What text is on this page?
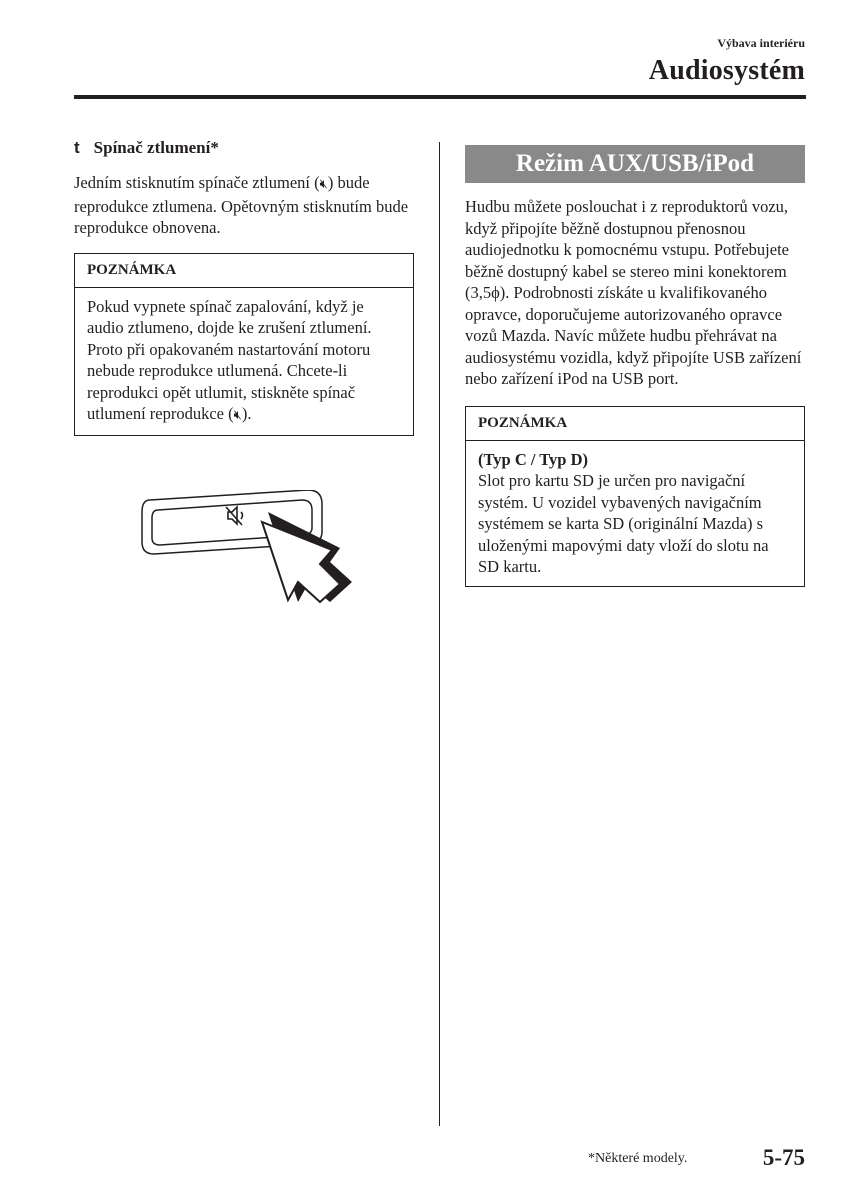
Výbava interiéru
Audiosystém
t Spínač ztlumení*

Jedním stisknutím spínače ztlumení (🔇︎) bude reprodukce ztlumena. Opětovným stisknutím bude reprodukce obnovena.

POZNÁMKA

Pokud vypnete spínač zapalování, když je audio ztlumeno, dojde ke zrušení ztlumení. Proto při opakovaném nastartování motoru nebude reprodukce utlumená. Chcete-li reprodukci opět utlumit, stiskněte spínač utlumení reprodukce (🔇︎).

Režim AUX/USB/iPod

Hudbu můžete poslouchat i z reproduktorů vozu, když připojíte běžně dostupnou přenosnou audiojednotku k pomocnému vstupu. Potřebujete běžně dostupný kabel se stereo mini konektorem (3,5ϕ). Podrobnosti získáte u kvalifikovaného opravce, doporučujeme autorizovaného opravce vozů Mazda. Navíc můžete hudbu přehrávat na audiosystému vozidla, když připojíte USB zařízení nebo zařízení iPod na USB port.

POZNÁMKA
(Typ C / Typ D)
Slot pro kartu SD je určen pro navigační systém. U vozidel vybavených navigačním systémem se karta SD (originální Mazda) s uloženými mapovými daty vloží do slotu na SD kartu.
*Některé modely.	5-75
